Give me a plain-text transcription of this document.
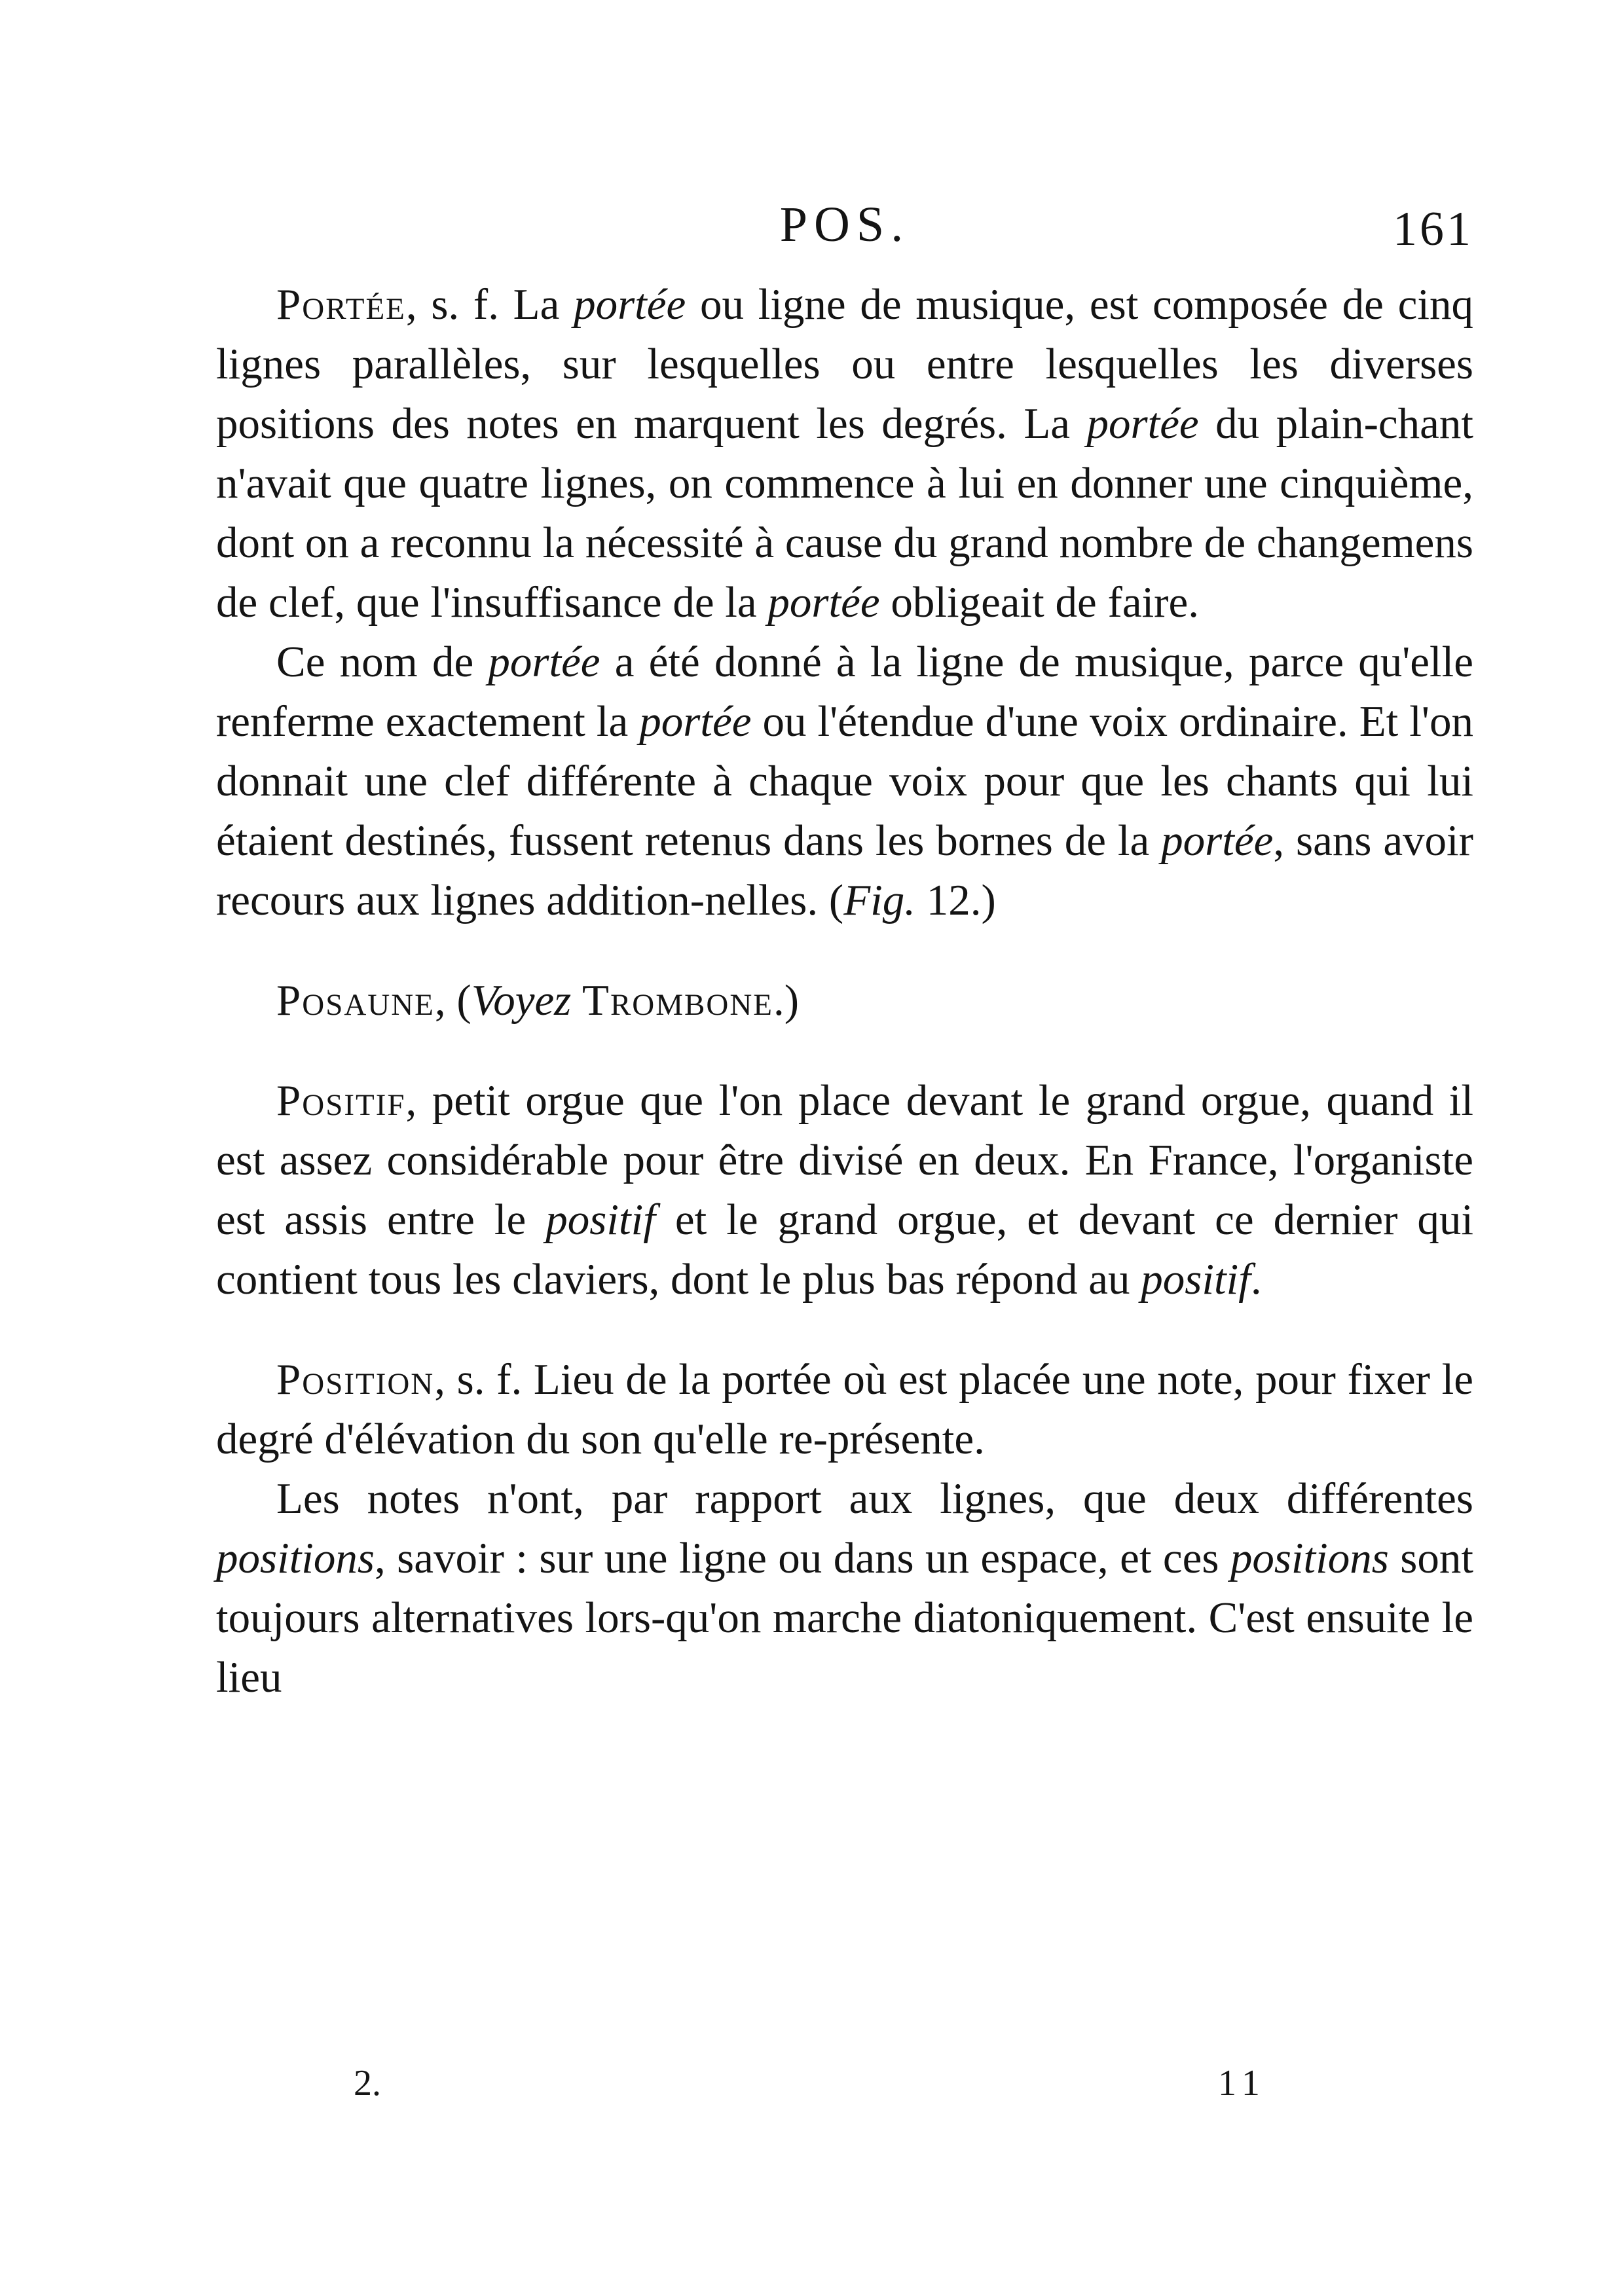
POS.	161

Portée, s. f. La portée ou ligne de musique, est composée de cinq lignes parallèles, sur lesquelles ou entre lesquelles les diverses positions des notes en marquent les degrés. La portée du plain-chant n'avait que quatre lignes, on commence à lui en donner une cinquième, dont on a reconnu la nécessité à cause du grand nombre de changemens de clef, que l'insuffisance de la portée obligeait de faire.

Ce nom de portée a été donné à la ligne de musique, parce qu'elle renferme exactement la portée ou l'étendue d'une voix ordinaire. Et l'on donnait une clef différente à chaque voix pour que les chants qui lui étaient destinés, fussent retenus dans les bornes de la portée, sans avoir recours aux lignes addition-nelles. (Fig. 12.)

Posaune, (Voyez Trombone.)

Positif, petit orgue que l'on place devant le grand orgue, quand il est assez considérable pour être divisé en deux. En France, l'organiste est assis entre le positif et le grand orgue, et devant ce dernier qui contient tous les claviers, dont le plus bas répond au positif.

Position, s. f. Lieu de la portée où est placée une note, pour fixer le degré d'élévation du son qu'elle re-présente.

Les notes n'ont, par rapport aux lignes, que deux différentes positions, savoir : sur une ligne ou dans un espace, et ces positions sont toujours alternatives lors-qu'on marche diatoniquement. C'est ensuite le lieu

2.	11
